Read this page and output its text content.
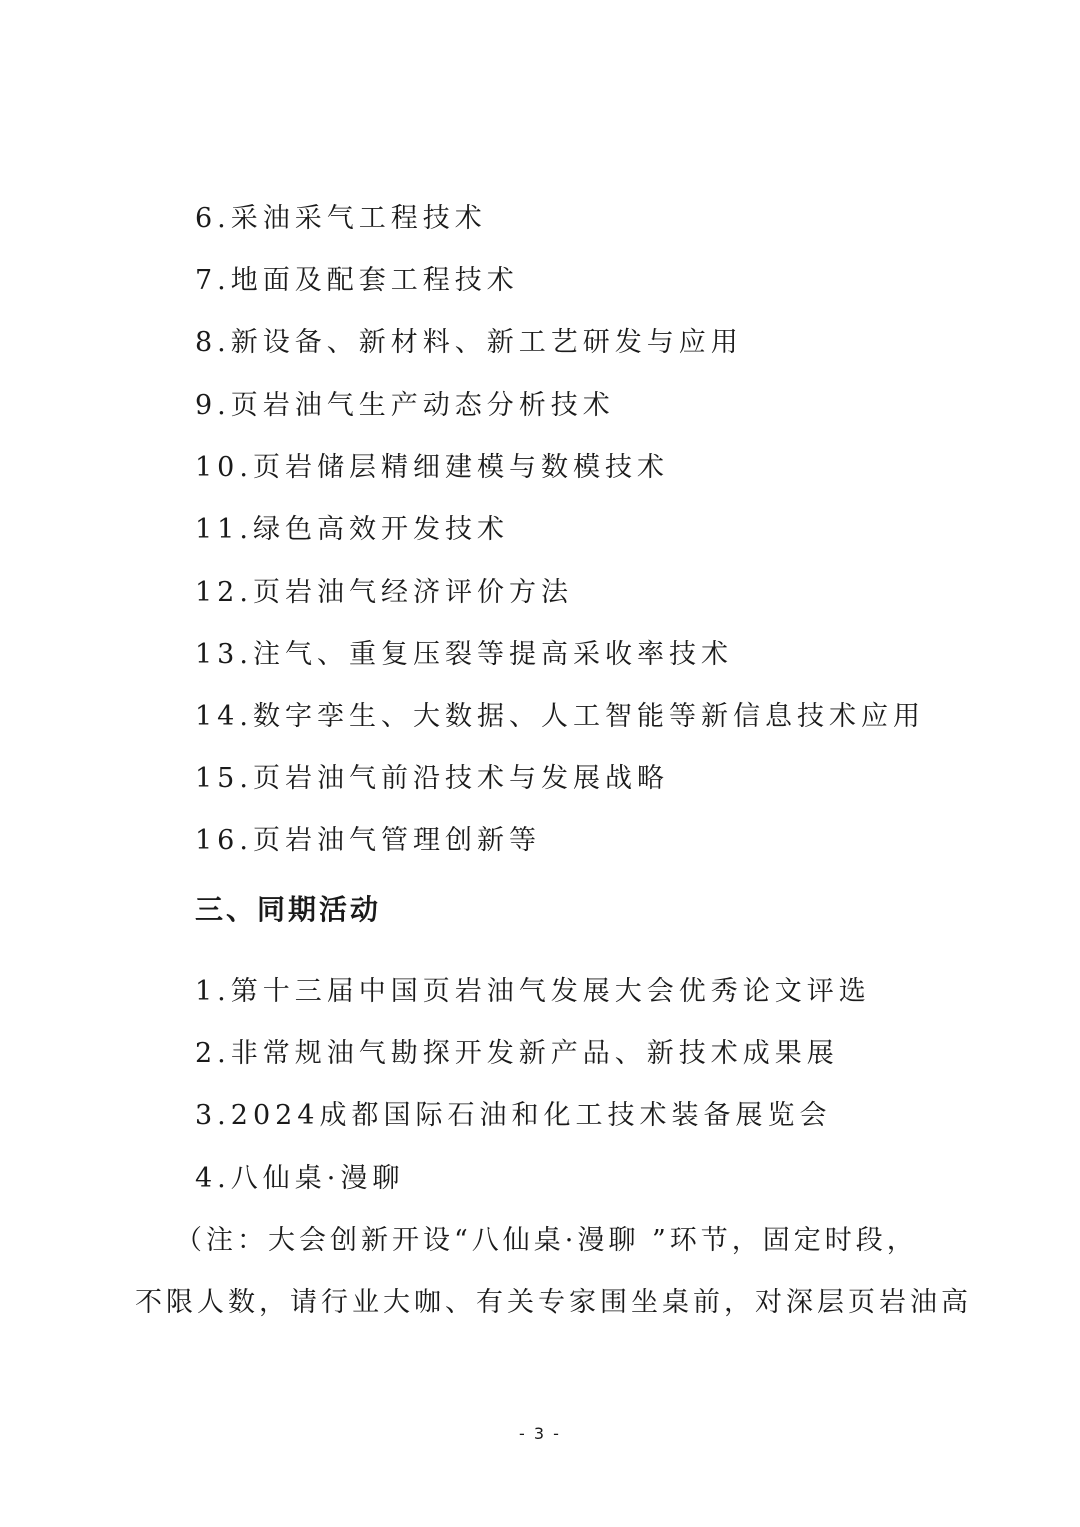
6.采油采气工程技术
7.地面及配套工程技术
8.新设备、新材料、新工艺研发与应用
9.页岩油气生产动态分析技术
10.页岩储层精细建模与数模技术
11.绿色高效开发技术
12.页岩油气经济评价方法
13.注气、重复压裂等提高采收率技术
14.数字孪生、大数据、人工智能等新信息技术应用
15.页岩油气前沿技术与发展战略
16.页岩油气管理创新等
三、同期活动
1.第十三届中国页岩油气发展大会优秀论文评选
2.非常规油气勘探开发新产品、新技术成果展
3.2024成都国际石油和化工技术装备展览会
4.八仙桌·漫聊
（注：大会创新开设“八仙桌·漫聊 ”环节，固定时段，
不限人数，请行业大咖、有关专家围坐桌前，对深层页岩油高
- 3 -
